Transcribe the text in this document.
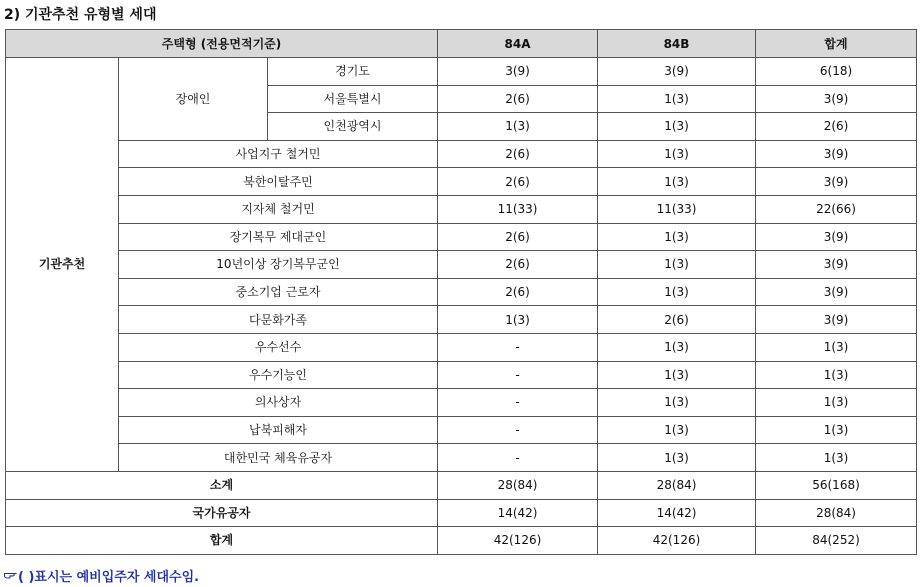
2) 기관추천 유형별 세대

주택형 (전용면적기준)			84A	84B	합계
기관추천	장애인	경기도	3(9)	3(9)	6(18)
		서울특별시	2(6)	1(3)	3(9)
		인천광역시	1(3)	1(3)	2(6)
	사업지구 철거민		2(6)	1(3)	3(9)
	북한이탈주민		2(6)	1(3)	3(9)
	지자체 철거민		11(33)	11(33)	22(66)
	장기복무 제대군인		2(6)	1(3)	3(9)
	10년이상 장기복무군인		2(6)	1(3)	3(9)
	중소기업 근로자		2(6)	1(3)	3(9)
	다문화가족		1(3)	2(6)	3(9)
	우수선수		-	1(3)	1(3)
	우수기능인		-	1(3)	1(3)
	의사상자		-	1(3)	1(3)
	납북피해자		-	1(3)	1(3)
	대한민국 체육유공자		-	1(3)	1(3)
소계			28(84)	28(84)	56(168)
국가유공자			14(42)	14(42)	28(84)
합계			42(126)	42(126)	84(252)

( )표시는 예비입주자 세대수임.
